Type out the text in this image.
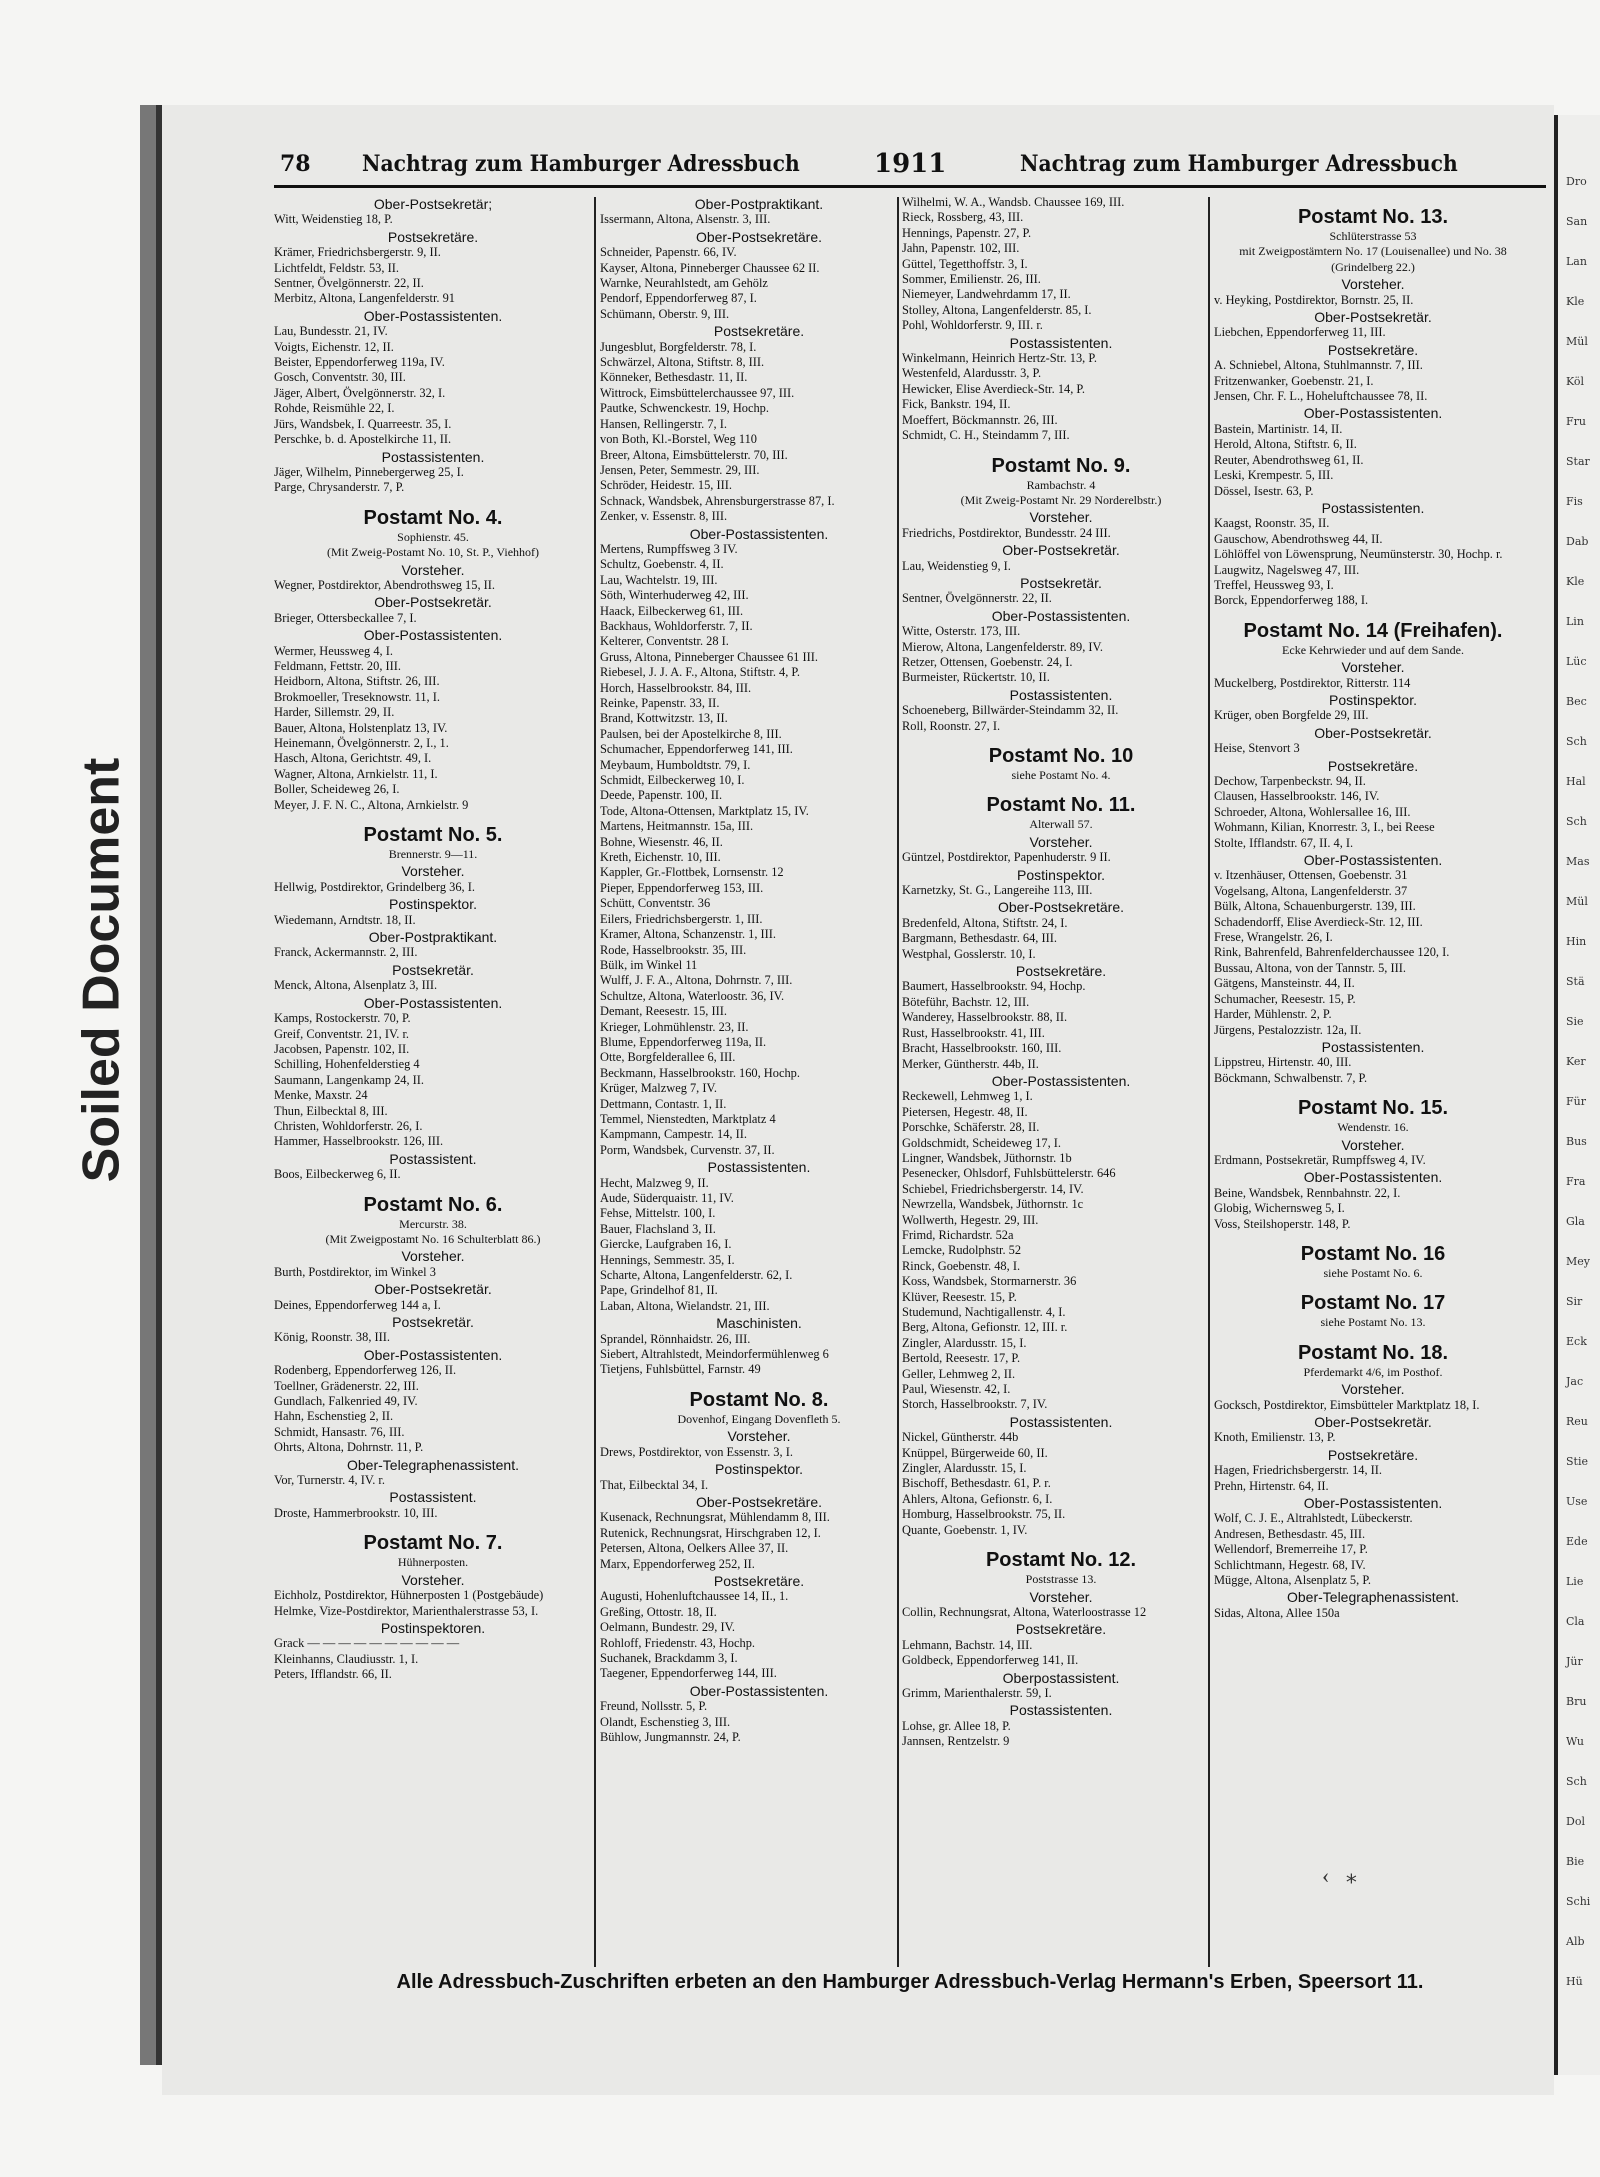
Soiled Document
78 Nachtrag zum Hamburger Adressbuch	1911	Nachtrag zum Hamburger Adressbuch
Ober-Postsekretär;
Witt, Weidenstieg 18, P.
Postsekretäre.
Krämer, Friedrichsbergerstr. 9, II.
Lichtfeldt, Feldstr. 53, II.
Sentner, Övelgönnerstr. 22, II.
Merbitz, Altona, Langenfelderstr. 91
Ober-Postassistenten.
Lau, Bundesstr. 21, IV.
Voigts, Eichenstr. 12, II.
Beister, Eppendorferweg 119a, IV.
Gosch, Conventstr. 30, III.
Jäger, Albert, Övelgönnerstr. 32, I.
Rohde, Reismühle 22, I.
Jürs, Wandsbek, I. Quarreestr. 35, I.
Perschke, b. d. Apostelkirche 11, II.
Postassistenten.
Jäger, Wilhelm, Pinnebergerweg 25, I.
Parge, Chrysanderstr. 7, P.
Postamt No. 4.
Sophienstr. 45.
(Mit Zweig-Postamt No. 10, St. P., Viehhof)
Vorsteher.
Wegner, Postdirektor, Abendrothsweg 15, II.
Ober-Postsekretär.
Brieger, Ottersbeckallee 7, I.
Ober-Postassistenten.
Wermer, Heussweg 4, I.
Feldmann, Fettstr. 20, III.
Heidborn, Altona, Stiftstr. 26, III.
Brokmoeller, Treseknowstr. 11, I.
Harder, Sillemstr. 29, II.
Bauer, Altona, Holstenplatz 13, IV.
Heinemann, Övelgönnerstr. 2, I., 1.
Hasch, Altona, Gerichtstr. 49, I.
Wagner, Altona, Arnkielstr. 11, I.
Boller, Scheideweg 26, I.
Meyer, J. F. N. C., Altona, Arnkielstr. 9
Postamt No. 5.
Brennerstr. 9—11.
Vorsteher.
Hellwig, Postdirektor, Grindelberg 36, I.
Postinspektor.
Wiedemann, Arndtstr. 18, II.
Ober-Postpraktikant.
Franck, Ackermannstr. 2, III.
Postsekretär.
Menck, Altona, Alsenplatz 3, III.
Ober-Postassistenten.
Kamps, Rostockerstr. 70, P.
Greif, Conventstr. 21, IV. r.
Jacobsen, Papenstr. 102, II.
Schilling, Hohenfelderstieg 4
Saumann, Langenkamp 24, II.
Menke, Maxstr. 24
Thun, Eilbecktal 8, III.
Christen, Wohldorferstr. 26, I.
Hammer, Hasselbrookstr. 126, III.
Postassistent.
Boos, Eilbeckerweg 6, II.
Postamt No. 6.
Mercurstr. 38.
(Mit Zweigpostamt No. 16 Schulterblatt 86.)
Vorsteher.
Burth, Postdirektor, im Winkel 3
Ober-Postsekretär.
Deines, Eppendorferweg 144 a, I.
Postsekretär.
König, Roonstr. 38, III.
Ober-Postassistenten.
Rodenberg, Eppendorferweg 126, II.
Toellner, Grädenerstr. 22, III.
Gundlach, Falkenried 49, IV.
Hahn, Eschenstieg 2, II.
Schmidt, Hansastr. 76, III.
Ohrts, Altona, Dohrnstr. 11, P.
Ober-Telegraphenassistent.
Vor, Turnerstr. 4, IV. r.
Postassistent.
Droste, Hammerbrookstr. 10, III.
Postamt No. 7.
Hühnerposten.
Vorsteher.
Eichholz, Postdirektor, Hühnerposten 1 (Postgebäude)
Helmke, Vize-Postdirektor, Marienthalerstrasse 53, I.
Postinspektoren.
Grack — — — — — — — — — —
Kleinhanns, Claudiusstr. 1, I.
Peters, Ifflandstr. 66, II.
Ober-Postpraktikant.
Issermann, Altona, Alsenstr. 3, III.
Ober-Postsekretäre.
Schneider, Papenstr. 66, IV.
Kayser, Altona, Pinneberger Chaussee 62 II.
Warnke, Neurahlstedt, am Gehölz
Pendorf, Eppendorferweg 87, I.
Schümann, Oberstr. 9, III.
Postsekretäre.
Jungesblut, Borgfelderstr. 78, I.
Schwärzel, Altona, Stiftstr. 8, III.
Könneker, Bethesdastr. 11, II.
Wittrock, Eimsbüttelerchaussee 97, III.
Pautke, Schwenckestr. 19, Hochp.
Hansen, Rellingerstr. 7, I.
von Both, Kl.-Borstel, Weg 110
Breer, Altona, Eimsbüttelerstr. 70, III.
Jensen, Peter, Semmestr. 29, III.
Schröder, Heidestr. 15, III.
Schnack, Wandsbek, Ahrensburgerstrasse 87, I.
Zenker, v. Essenstr. 8, III.
Ober-Postassistenten.
Mertens, Rumpffsweg 3 IV.
Schultz, Goebenstr. 4, II.
Lau, Wachtelstr. 19, III.
Söth, Winterhuderweg 42, III.
Haack, Eilbeckerweg 61, III.
Backhaus, Wohldorferstr. 7, II.
Kelterer, Conventstr. 28 I.
Gruss, Altona, Pinneberger Chaussee 61 III.
Riebesel, J. J. A. F., Altona, Stiftstr. 4, P.
Horch, Hasselbrookstr. 84, III.
Reinke, Papenstr. 33, II.
Brand, Kottwitzstr. 13, II.
Paulsen, bei der Apostelkirche 8, III.
Schumacher, Eppendorferweg 141, III.
Meybaum, Humboldtstr. 79, I.
Schmidt, Eilbeckerweg 10, I.
Deede, Papenstr. 100, II.
Tode, Altona-Ottensen, Marktplatz 15, IV.
Martens, Heitmannstr. 15a, III.
Bohne, Wiesenstr. 46, II.
Kreth, Eichenstr. 10, III.
Kappler, Gr.-Flottbek, Lornsenstr. 12
Pieper, Eppendorferweg 153, III.
Schütt, Conventstr. 36
Eilers, Friedrichsbergerstr. 1, III.
Kramer, Altona, Schanzenstr. 1, III.
Rode, Hasselbrookstr. 35, III.
Bülk, im Winkel 11
Wulff, J. F. A., Altona, Dohrnstr. 7, III.
Schultze, Altona, Waterloostr. 36, IV.
Demant, Reesestr. 15, III.
Krieger, Lohmühlenstr. 23, II.
Blume, Eppendorferweg 119a, II.
Otte, Borgfelderallee 6, III.
Beckmann, Hasselbrookstr. 160, Hochp.
Krüger, Malzweg 7, IV.
Dettmann, Contastr. 1, II.
Temmel, Nienstedten, Marktplatz 4
Kampmann, Campestr. 14, II.
Porm, Wandsbek, Curvenstr. 37, II.
Postassistenten.
Hecht, Malzweg 9, II.
Aude, Süderquaistr. 11, IV.
Fehse, Mittelstr. 100, I.
Bauer, Flachsland 3, II.
Giercke, Laufgraben 16, I.
Hennings, Semmestr. 35, I.
Scharte, Altona, Langenfelderstr. 62, I.
Pape, Grindelhof 81, II.
Laban, Altona, Wielandstr. 21, III.
Maschinisten.
Sprandel, Rönnhaidstr. 26, III.
Siebert, Altrahlstedt, Meindorfermühlenweg 6
Tietjens, Fuhlsbüttel, Farnstr. 49
Postamt No. 8.
Dovenhof, Eingang Dovenfleth 5.
Vorsteher.
Drews, Postdirektor, von Essenstr. 3, I.
Postinspektor.
That, Eilbecktal 34, I.
Ober-Postsekretäre.
Kusenack, Rechnungsrat, Mühlendamm 8, III.
Rutenick, Rechnungsrat, Hirschgraben 12, I.
Petersen, Altona, Oelkers Allee 37, II.
Marx, Eppendorferweg 252, II.
Postsekretäre.
Augusti, Hohenluftchaussee 14, II., 1.
Greßing, Ottostr. 18, II.
Oelmann, Bundestr. 29, IV.
Rohloff, Friedenstr. 43, Hochp.
Suchanek, Brackdamm 3, I.
Taegener, Eppendorferweg 144, III.
Ober-Postassistenten.
Freund, Nollsstr. 5, P.
Olandt, Eschenstieg 3, III.
Bühlow, Jungmannstr. 24, P.
Wilhelmi, W. A., Wandsb. Chaussee 169, III.
Rieck, Rossberg, 43, III.
Hennings, Papenstr. 27, P.
Jahn, Papenstr. 102, III.
Güttel, Tegetthoffstr. 3, I.
Sommer, Emilienstr. 26, III.
Niemeyer, Landwehrdamm 17, II.
Stolley, Altona, Langenfelderstr. 85, I.
Pohl, Wohldorferstr. 9, III. r.
Postassistenten.
Winkelmann, Heinrich Hertz-Str. 13, P.
Westenfeld, Alardusstr. 3, P.
Hewicker, Elise Averdieck-Str. 14, P.
Fick, Bankstr. 194, II.
Moeffert, Böckmannstr. 26, III.
Schmidt, C. H., Steindamm 7, III.
Postamt No. 9.
Rambachstr. 4
(Mit Zweig-Postamt Nr. 29 Norderelbstr.)
Vorsteher.
Friedrichs, Postdirektor, Bundesstr. 24 III.
Ober-Postsekretär.
Lau, Weidenstieg 9, I.
Postsekretär.
Sentner, Övelgönnerstr. 22, II.
Ober-Postassistenten.
Witte, Osterstr. 173, III.
Mierow, Altona, Langenfelderstr. 89, IV.
Retzer, Ottensen, Goebenstr. 24, I.
Burmeister, Rückertstr. 10, II.
Postassistenten.
Schoeneberg, Billwärder-Steindamm 32, II.
Roll, Roonstr. 27, I.
Postamt No. 10
siehe Postamt No. 4.
Postamt No. 11.
Alterwall 57.
Vorsteher.
Güntzel, Postdirektor, Papenhuderstr. 9 II.
Postinspektor.
Karnetzky, St. G., Langereihe 113, III.
Ober-Postsekretäre.
Bredenfeld, Altona, Stiftstr. 24, I.
Bargmann, Bethesdastr. 64, III.
Westphal, Gosslerstr. 10, I.
Postsekretäre.
Baumert, Hasselbrookstr. 94, Hochp.
Böteführ, Bachstr. 12, III.
Wanderey, Hasselbrookstr. 88, II.
Rust, Hasselbrookstr. 41, III.
Bracht, Hasselbrookstr. 160, III.
Merker, Güntherstr. 44b, II.
Ober-Postassistenten.
Reckewell, Lehmweg 1, I.
Pietersen, Hegestr. 48, II.
Porschke, Schäferstr. 28, II.
Goldschmidt, Scheideweg 17, I.
Lingner, Wandsbek, Jüthornstr. 1b
Pesenecker, Ohlsdorf, Fuhlsbüttelerstr. 646
Schiebel, Friedrichsbergerstr. 14, IV.
Newrzella, Wandsbek, Jüthornstr. 1c
Wollwerth, Hegestr. 29, III.
Frimd, Richardstr. 52a
Lemcke, Rudolphstr. 52
Rinck, Goebenstr. 48, I.
Koss, Wandsbek, Stormarnerstr. 36
Klüver, Reesestr. 15, P.
Studemund, Nachtigallenstr. 4, I.
Berg, Altona, Gefionstr. 12, III. r.
Zingler, Alardusstr. 15, I.
Bertold, Reesestr. 17, P.
Geller, Lehmweg 2, II.
Paul, Wiesenstr. 42, I.
Storch, Hasselbrookstr. 7, IV.
Postassistenten.
Nickel, Güntherstr. 44b
Knüppel, Bürgerweide 60, II.
Zingler, Alardusstr. 15, I.
Bischoff, Bethesdastr. 61, P. r.
Ahlers, Altona, Gefionstr. 6, I.
Homburg, Hasselbrookstr. 75, II.
Quante, Goebenstr. 1, IV.
Postamt No. 12.
Poststrasse 13.
Vorsteher.
Collin, Rechnungsrat, Altona, Waterloostrasse 12
Postsekretäre.
Lehmann, Bachstr. 14, III.
Goldbeck, Eppendorferweg 141, II.
Oberpostassistent.
Grimm, Marienthalerstr. 59, I.
Postassistenten.
Lohse, gr. Allee 18, P.
Jannsen, Rentzelstr. 9
Postamt No. 13.
Schlüterstrasse 53
mit Zweigpostämtern No. 17 (Louisenallee) und No. 38 (Grindelberg 22.)
Vorsteher.
v. Heyking, Postdirektor, Bornstr. 25, II.
Ober-Postsekretär.
Liebchen, Eppendorferweg 11, III.
Postsekretäre.
A. Schniebel, Altona, Stuhlmannstr. 7, III.
Fritzenwanker, Goebenstr. 21, I.
Jensen, Chr. F. L., Hoheluftchaussee 78, II.
Ober-Postassistenten.
Bastein, Martinistr. 14, II.
Herold, Altona, Stiftstr. 6, II.
Reuter, Abendrothsweg 61, II.
Leski, Krempestr. 5, III.
Dössel, Isestr. 63, P.
Postassistenten.
Kaagst, Roonstr. 35, II.
Gauschow, Abendrothsweg 44, II.
Löhlöffel von Löwensprung, Neumünsterstr. 30, Hochp. r.
Laugwitz, Nagelsweg 47, III.
Treffel, Heussweg 93, I.
Borck, Eppendorferweg 188, I.
Postamt No. 14 (Freihafen).
Ecke Kehrwieder und auf dem Sande.
Vorsteher.
Muckelberg, Postdirektor, Ritterstr. 114
Postinspektor.
Krüger, oben Borgfelde 29, III.
Ober-Postsekretär.
Heise, Stenvort 3
Postsekretäre.
Dechow, Tarpenbeckstr. 94, II.
Clausen, Hasselbrookstr. 146, IV.
Schroeder, Altona, Wohlersallee 16, III.
Wohmann, Kilian, Knorrestr. 3, I., bei Reese
Stolte, Ifflandstr. 67, II. 4, I.
Ober-Postassistenten.
v. Itzenhäuser, Ottensen, Goebenstr. 31
Vogelsang, Altona, Langenfelderstr. 37
Bülk, Altona, Schauenburgerstr. 139, III.
Schadendorff, Elise Averdieck-Str. 12, III.
Frese, Wrangelstr. 26, I.
Rink, Bahrenfeld, Bahrenfelderchaussee 120, I.
Bussau, Altona, von der Tannstr. 5, III.
Gätgens, Mansteinstr. 44, II.
Schumacher, Reesestr. 15, P.
Harder, Mühlenstr. 2, P.
Jürgens, Pestalozzistr. 12a, II.
Postassistenten.
Lippstreu, Hirtenstr. 40, III.
Böckmann, Schwalbenstr. 7, P.
Postamt No. 15.
Wendenstr. 16.
Vorsteher.
Erdmann, Postsekretär, Rumpffsweg 4, IV.
Ober-Postassistenten.
Beine, Wandsbek, Rennbahnstr. 22, I.
Globig, Wichernsweg 5, I.
Voss, Steilshoperstr. 148, P.
Postamt No. 16
siehe Postamt No. 6.
Postamt No. 17
siehe Postamt No. 13.
Postamt No. 18.
Pferdemarkt 4/6, im Posthof.
Vorsteher.
Gocksch, Postdirektor, Eimsbütteler Marktplatz 18, I.
Ober-Postsekretär.
Knoth, Emilienstr. 13, P.
Postsekretäre.
Hagen, Friedrichsbergerstr. 14, II.
Prehn, Hirtenstr. 64, II.
Ober-Postassistenten.
Wolf, C. J. E., Altrahlstedt, Lübeckerstr.
Andresen, Bethesdastr. 45, III.
Wellendorf, Bremerreihe 17, P.
Schlichtmann, Hegestr. 68, IV.
Mügge, Altona, Alsenplatz 5, P.
Ober-Telegraphenassistent.
Sidas, Altona, Allee 150a
‹   ⁎
Alle Adressbuch-Zuschriften erbeten an den Hamburger Adressbuch-Verlag Hermann's Erben, Speersort 11.
Dro
San
Lan
Kle
Mül
Köl
Fru
Star
Fis
Dab
Kle
Lin
Lüc
Bec
Sch
Hal
Sch
Mas
Mül
Hin
Stä
Sie
Ker
Für
Bus
Fra
Gla
Mey
Sir
Eck
Jac
Reu
Stie
Use
Ede
Lie
Cla
Jür
Bru
Wu
Sch
Dol
Bie
Schi
Alb
Hü
